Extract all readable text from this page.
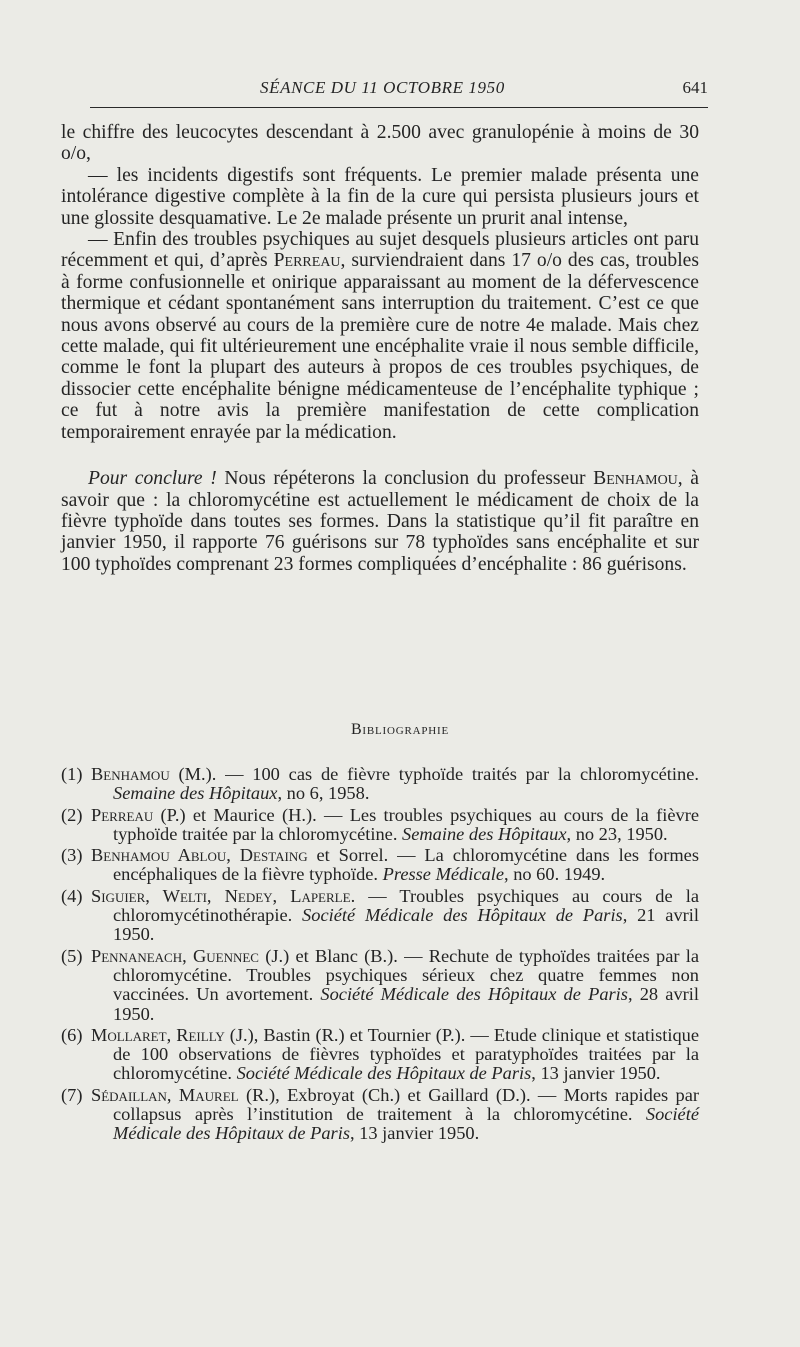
SÉANCE DU 11 OCTOBRE 1950	641

le chiffre des leucocytes descendant à 2.500 avec granulopénie à moins de 30 o/o,

— les incidents digestifs sont fréquents. Le premier malade présenta une intolérance digestive complète à la fin de la cure qui persista plusieurs jours et une glossite desquamative. Le 2e malade présente un prurit anal intense,

— Enfin des troubles psychiques au sujet desquels plusieurs articles ont paru récemment et qui, d’après Perreau, surviendraient dans 17 o/o des cas, troubles à forme confusionnelle et onirique apparaissant au moment de la défervescence thermique et cédant spontanément sans interruption du traitement. C’est ce que nous avons observé au cours de la première cure de notre 4e malade. Mais chez cette malade, qui fit ultérieurement une encéphalite vraie il nous semble difficile, comme le font la plupart des auteurs à propos de ces troubles psychiques, de dissocier cette encéphalite bénigne médicamenteuse de l’encéphalite typhique ; ce fut à notre avis la première manifestation de cette complication temporairement enrayée par la médication.

Pour conclure ! Nous répéterons la conclusion du professeur Benhamou, à savoir que : la chloromycétine est actuellement le médicament de choix de la fièvre typhoïde dans toutes ses formes. Dans la statistique qu’il fit paraître en janvier 1950, il rapporte 76 guérisons sur 78 typhoïdes sans encéphalite et sur 100 typhoïdes comprenant 23 formes compliquées d’encéphalite : 86 guérisons.

Bibliographie
(1) Benhamou (M.). — 100 cas de fièvre typhoïde traités par la chloromycétine. Semaine des Hôpitaux, no 6, 1958.
(2) Perreau (P.) et Maurice (H.). — Les troubles psychiques au cours de la fièvre typhoïde traitée par la chloromycétine. Semaine des Hôpitaux, no 23, 1950.
(3) Benhamou Ablou, Destaing et Sorrel. — La chloromycétine dans les formes encéphaliques de la fièvre typhoïde. Presse Médicale, no 60. 1949.
(4) Siguier, Welti, Nedey, Laperle. — Troubles psychiques au cours de la chloromycétinothérapie. Société Médicale des Hôpitaux de Paris, 21 avril 1950.
(5) Pennaneach, Guennec (J.) et Blanc (B.). — Rechute de typhoïdes traitées par la chloromycétine. Troubles psychiques sérieux chez quatre femmes non vaccinées. Un avortement. Société Médicale des Hôpitaux de Paris, 28 avril 1950.
(6) Mollaret, Reilly (J.), Bastin (R.) et Tournier (P.). — Etude clinique et statistique de 100 observations de fièvres typhoïdes et paratyphoïdes traitées par la chloromycétine. Société Médicale des Hôpitaux de Paris, 13 janvier 1950.
(7) Sédaillan, Maurel (R.), Exbroyat (Ch.) et Gaillard (D.). — Morts rapides par collapsus après l’institution de traitement à la chloromycétine. Société Médicale des Hôpitaux de Paris, 13 janvier 1950.
